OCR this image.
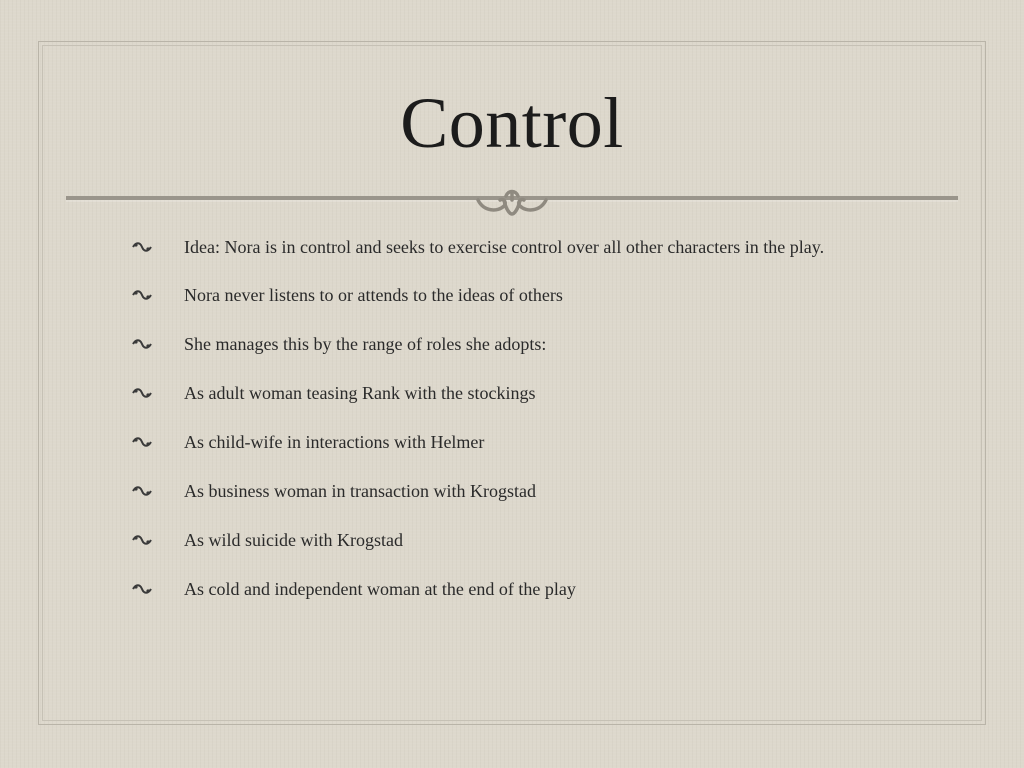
Control
Idea: Nora is in control and seeks to exercise control over all other characters in the play.
Nora never listens to or attends to the ideas of others
She manages this by the range of roles she adopts:
As adult woman teasing Rank with the stockings
As child-wife in interactions with Helmer
As business woman in transaction with Krogstad
As wild suicide with Krogstad
As cold and independent woman at the end of the play
